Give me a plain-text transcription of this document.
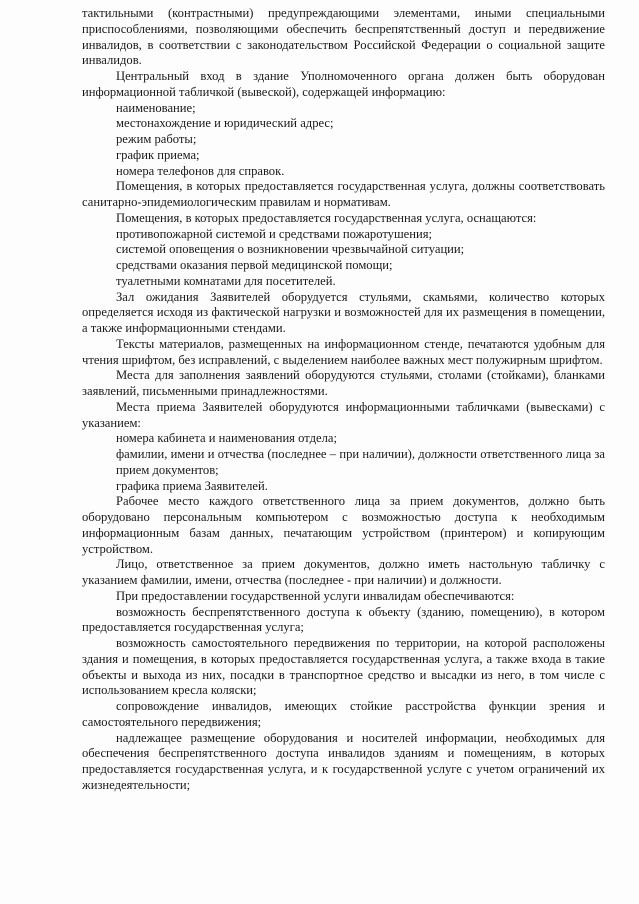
тактильными (контрастными) предупреждающими элементами, иными специальными приспособлениями, позволяющими обеспечить беспрепятственный доступ и передвижение инвалидов, в соответствии с законодательством Российской Федерации о социальной защите инвалидов.

Центральный вход в здание Уполномоченного органа должен быть оборудован информационной табличкой (вывеской), содержащей информацию:

наименование;

местонахождение и юридический адрес;

режим работы;

график приема;

номера телефонов для справок.

Помещения, в которых предоставляется государственная услуга, должны соответствовать санитарно-эпидемиологическим правилам и нормативам.

Помещения, в которых предоставляется государственная услуга, оснащаются:

противопожарной системой и средствами пожаротушения;

системой оповещения о возникновении чрезвычайной ситуации;

средствами оказания первой медицинской помощи;

туалетными комнатами для посетителей.

Зал ожидания Заявителей оборудуется стульями, скамьями, количество которых определяется исходя из фактической нагрузки и возможностей для их размещения в помещении, а также информационными стендами.

Тексты материалов, размещенных на информационном стенде, печатаются удобным для чтения шрифтом, без исправлений, с выделением наиболее важных мест полужирным шрифтом.

Места для заполнения заявлений оборудуются стульями, столами (стойками), бланками заявлений, письменными принадлежностями.

Места приема Заявителей оборудуются информационными табличками (вывесками) с указанием:

номера кабинета и наименования отдела;

фамилии, имени и отчества (последнее – при наличии), должности ответственного лица за прием документов;

графика приема Заявителей.

Рабочее место каждого ответственного лица за прием документов, должно быть оборудовано персональным компьютером с возможностью доступа к необходимым информационным базам данных, печатающим устройством (принтером) и копирующим устройством.

Лицо, ответственное за прием документов, должно иметь настольную табличку с указанием фамилии, имени, отчества (последнее - при наличии) и должности.

При предоставлении государственной услуги инвалидам обеспечиваются:

возможность беспрепятственного доступа к объекту (зданию, помещению), в котором предоставляется государственная услуга;

возможность самостоятельного передвижения по территории, на которой расположены здания и помещения, в которых предоставляется государственная услуга, а также входа в такие объекты и выхода из них, посадки в транспортное средство и высадки из него, в том числе с использованием кресла коляски;

сопровождение инвалидов, имеющих стойкие расстройства функции зрения и самостоятельного передвижения;

надлежащее размещение оборудования и носителей информации, необходимых для обеспечения беспрепятственного доступа инвалидов зданиям и помещениям, в которых предоставляется государственная услуга, и к государственной услуге с учетом ограничений их жизнедеятельности;
